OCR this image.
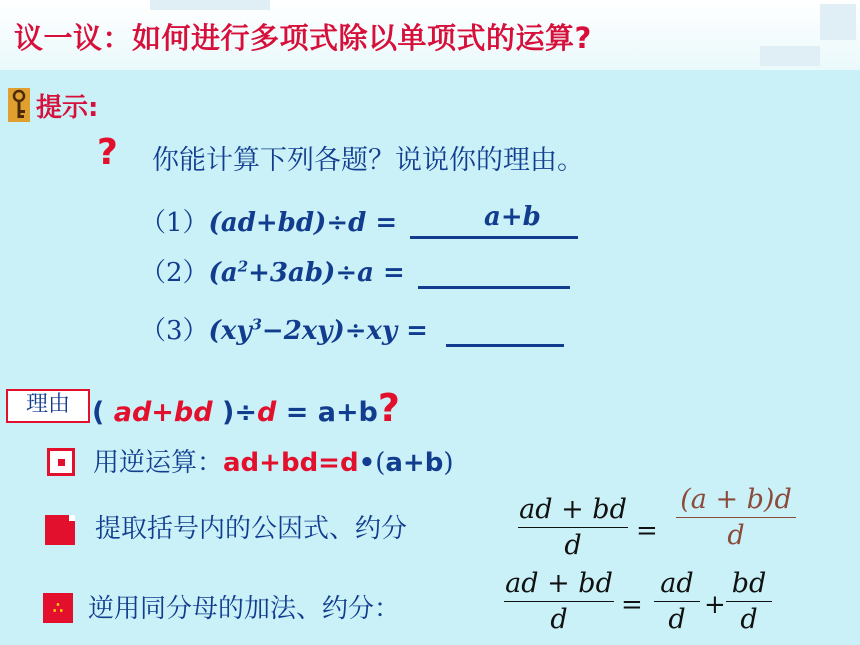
议一议：如何进行多项式除以单项式的运算?
提示:
? 你能计算下列各题？说说你的理由。
（1）(ad+bd)÷d =	a+b
$(2)(a^2+3ab)\div a$ =
$(3)(xy^3-2xy)\div xy$ =
理由 ( ad+bd )÷d = a+b?
用逆运算：ad+bd=d•(a+b)
提取括号内的公因式、约分
ad + bd
d	=
(a + b)d
d
∴ 逆用同分母的加法、约分：
ad + bd
d	=
ad
d +
bd
d
